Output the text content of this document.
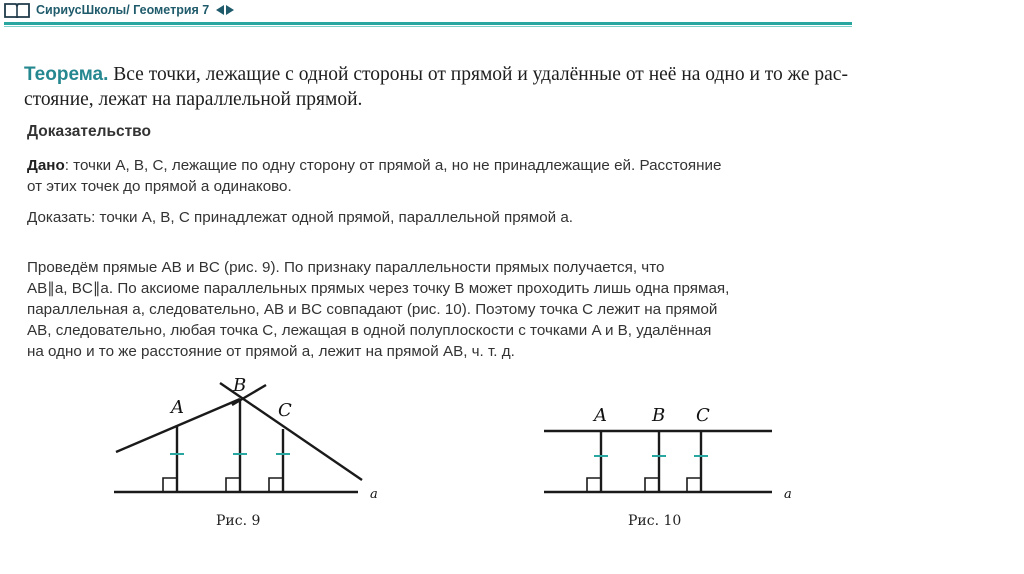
СириусШколы/ Геометрия 7
Теорема. Все точки, лежащие с одной стороны от прямой и удалённые от неё на одно и то же рас-
стояние, лежат на параллельной прямой.
Доказательство
Дано: точки A, B, C, лежащие по одну сторону от прямой a, но не принадлежащие ей. Расстояние
от этих точек до прямой a одинаково.
Доказать: точки A, B, C принадлежат одной прямой, параллельной прямой a.
Проведём прямые AB и BC (рис. 9). По признаку параллельности прямых получается, что
AB∥a, BC∥a. По аксиоме параллельных прямых через точку B может проходить лишь одна прямая,
параллельная a, следовательно, AB и BC совпадают (рис. 10). Поэтому точка C лежит на прямой
AB, следовательно, любая точка C, лежащая в одной полуплоскости с точками A и B, удалённая
на одно и то же расстояние от прямой a, лежит на прямой AB, ч. т. д.
A
B
C
a
Рис. 9
A	B C
a
Рис. 10
